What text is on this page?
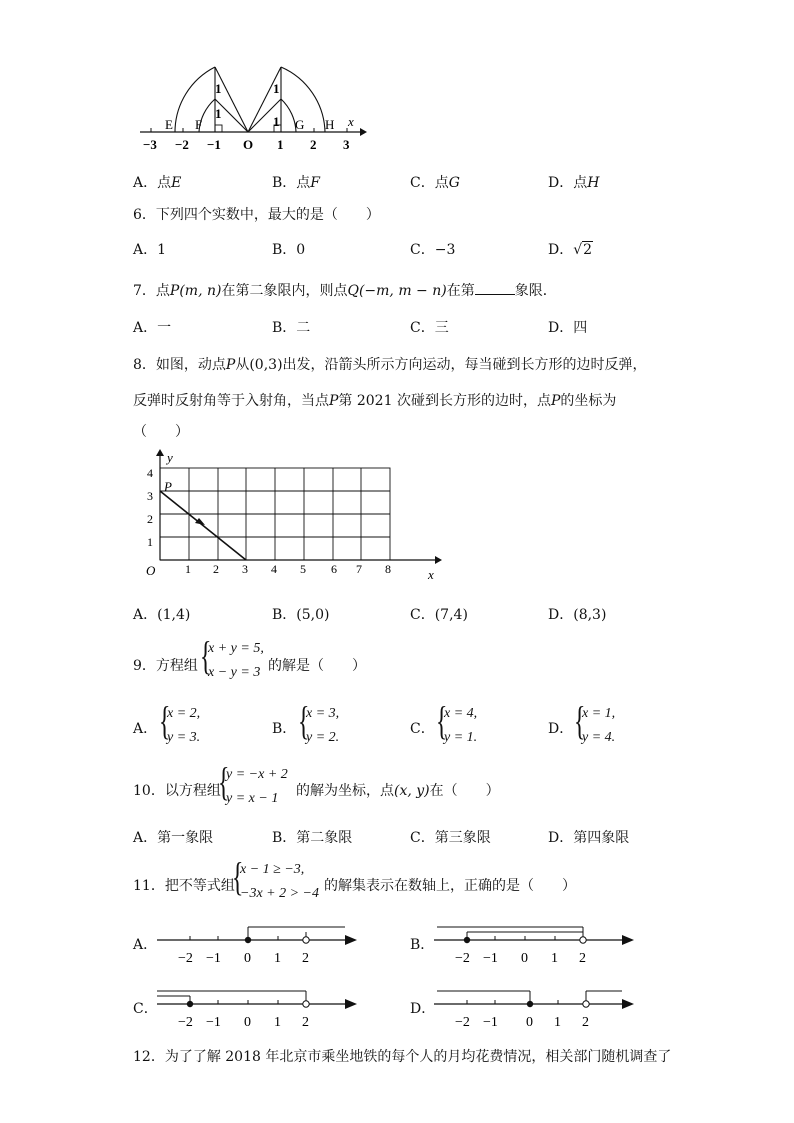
1
1
1
1
E F	G H x
−3 −2 −1 O 1 2 3
A．点E	B．点F	C．点G	D．点H
6．下列四个实数中，最大的是（　　）
A．1	B．0	C．−3	D．√2
7．点P(m, n)在第二象限内，则点Q(−m, m − n)在第	象限．
A．一	B．二	C．三	D．四
8．如图，动点P从(0,3)出发，沿箭头所示方向运动，每当碰到长方形的边时反弹，
反弹时反射角等于入射角，当点P第 2021 次碰到长方形的边时，点P的坐标为
（　　）
y
x
O
P
1 2 3 4 5 6 7 8
1
2
3
4
A．(1,4)	B．(5,0)	C．(7,4)	D．(8,3)
9．方程组 {
x + y = 5,
x − y = 3 的解是（　　）
A． {
x = 2,
y = 3.
B． {
x = 3,
y = 2.
C． {
x = 4,
y = 1.
D． {
x = 1,
y = 4.
10．以方程组
{
y = −x + 2
y = x − 1 的解为坐标，点(x, y)在（　　）
A．第一象限	B．第二象限	C．第三象限	D．第四象限
11．把不等式组
{
x − 1 ≥ −3,
−3x + 2 > −4 的解集表示在数轴上，正确的是（　　）
A．
−2 −1 0 1 2
B．
−2 −1 0 1 2
C．
−2 −1 0 1 2
D．
−2 −1 0 1 2
12．为了了解 2018 年北京市乘坐地铁的每个人的月均花费情况，相关部门随机调查了
